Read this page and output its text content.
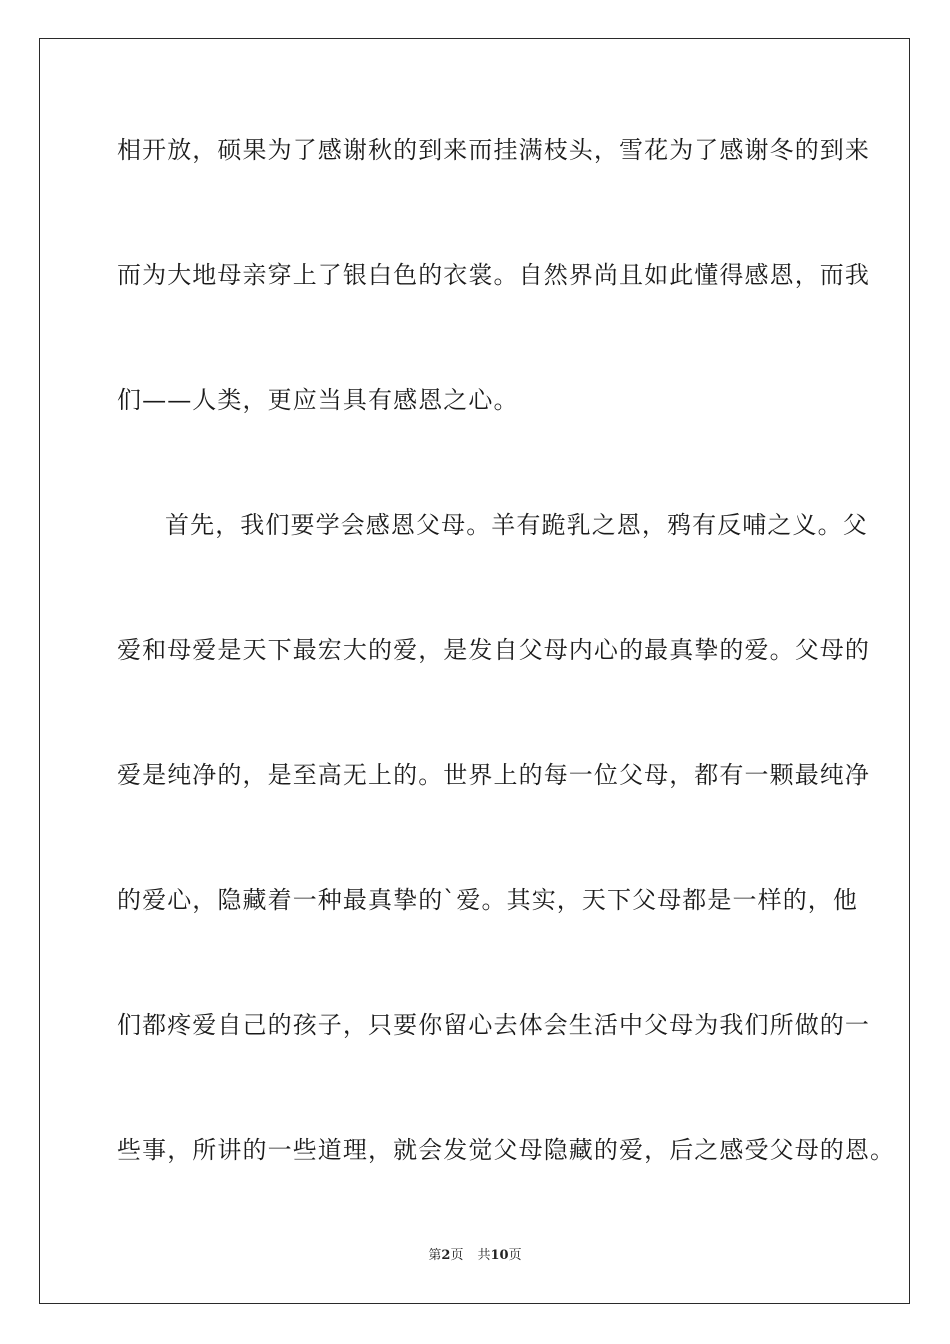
相开放，硕果为了感谢秋的到来而挂满枝头，雪花为了感谢冬的到来
而为大地母亲穿上了银白色的衣裳。自然界尚且如此懂得感恩，而我
们——人类，更应当具有感恩之心。
首先，我们要学会感恩父母。羊有跪乳之恩，鸦有反哺之义。父
爱和母爱是天下最宏大的爱，是发自父母内心的最真挚的爱。父母的
爱是纯净的，是至高无上的。世界上的每一位父母，都有一颗最纯净
的爱心，隐藏着一种最真挚的`爱。其实，天下父母都是一样的，他
们都疼爱自己的孩子，只要你留心去体会生活中父母为我们所做的一
些事，所讲的一些道理，就会发觉父母隐藏的爱，后之感受父母的恩。
第2页 共10页
